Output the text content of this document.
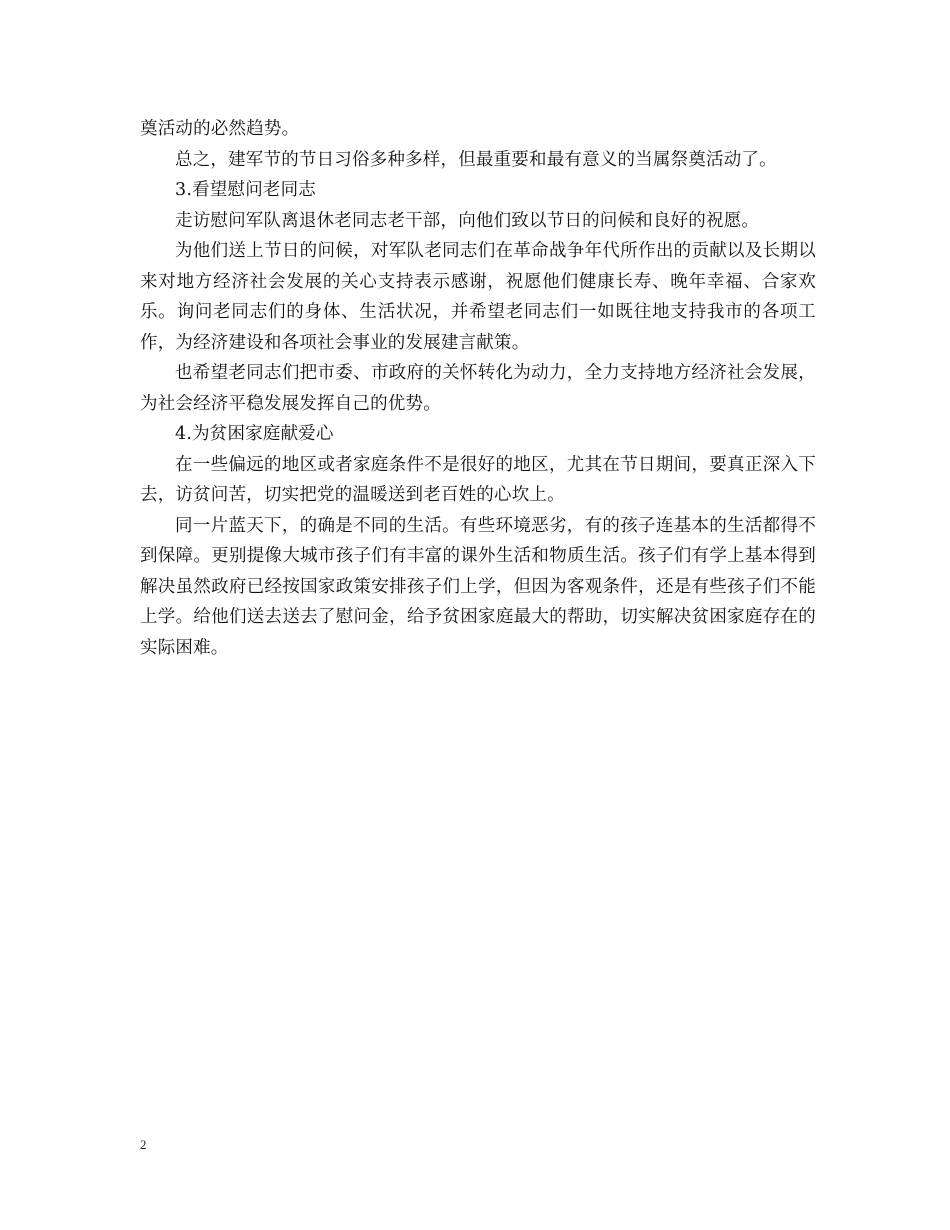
奠活动的必然趋势。

总之，建军节的节日习俗多种多样，但最重要和最有意义的当属祭奠活动了。

3.看望慰问老同志

走访慰问军队离退休老同志老干部，向他们致以节日的问候和良好的祝愿。

为他们送上节日的问候，对军队老同志们在革命战争年代所作出的贡献以及长期以来对地方经济社会发展的关心支持表示感谢，祝愿他们健康长寿、晚年幸福、合家欢乐。询问老同志们的身体、生活状况，并希望老同志们一如既往地支持我市的各项工作，为经济建设和各项社会事业的发展建言献策。

也希望老同志们把市委、市政府的关怀转化为动力，全力支持地方经济社会发展，为社会经济平稳发展发挥自己的优势。

4.为贫困家庭献爱心

在一些偏远的地区或者家庭条件不是很好的地区，尤其在节日期间，要真正深入下去，访贫问苦，切实把党的温暖送到老百姓的心坎上。

同一片蓝天下，的确是不同的生活。有些环境恶劣，有的孩子连基本的生活都得不到保障。更别提像大城市孩子们有丰富的课外生活和物质生活。孩子们有学上基本得到解决虽然政府已经按国家政策安排孩子们上学，但因为客观条件，还是有些孩子们不能上学。给他们送去送去了慰问金，给予贫困家庭最大的帮助，切实解决贫困家庭存在的实际困难。

2
